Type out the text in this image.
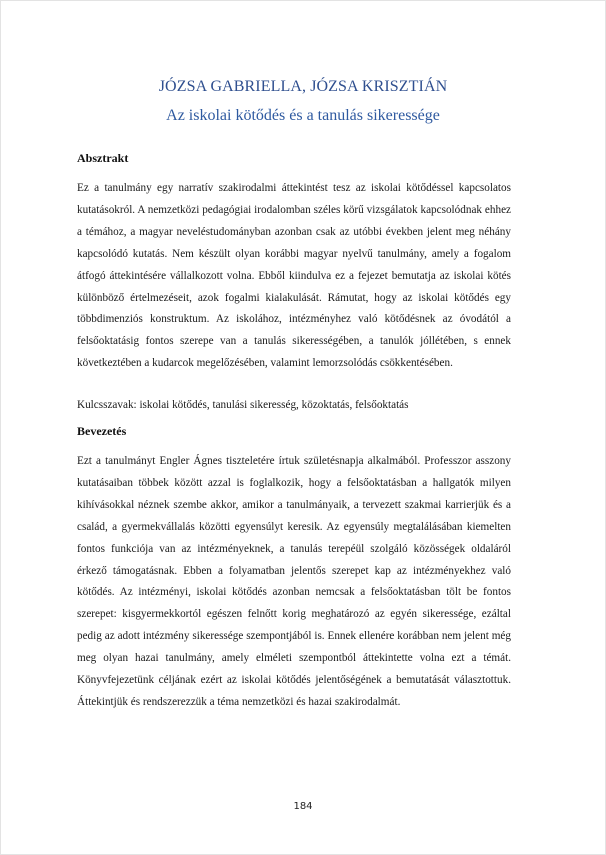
JÓZSA GABRIELLA, JÓZSA KRISZTIÁN
Az iskolai kötődés és a tanulás sikeressége
Absztrakt

Ez a tanulmány egy narratív szakirodalmi áttekintést tesz az iskolai kötődéssel kapcsolatos kutatásokról. A nemzetközi pedagógiai irodalomban széles körű vizsgálatok kapcsolódnak ehhez a témához, a magyar neveléstudományban azonban csak az utóbbi években jelent meg néhány kapcsolódó kutatás. Nem készült olyan korábbi magyar nyelvű tanulmány, amely a fogalom átfogó áttekintésére vállalkozott volna. Ebből kiindulva ez a fejezet bemutatja az iskolai kötés különböző értelmezéseit, azok fogalmi kialakulását. Rámutat, hogy az iskolai kötődés egy többdimenziós konstruktum. Az iskolához, intézményhez való kötődésnek az óvodától a felsőoktatásig fontos szerepe van a tanulás sikerességében, a tanulók jóllétében, s ennek következtében a kudarcok megelőzésében, valamint lemorzsolódás csökkentésében.

Kulcsszavak: iskolai kötődés, tanulási sikeresség, közoktatás, felsőoktatás
Bevezetés

Ezt a tanulmányt Engler Ágnes tiszteletére írtuk születésnapja alkalmából. Professzor asszony kutatásaiban többek között azzal is foglalkozik, hogy a felsőoktatásban a hallgatók milyen kihívásokkal néznek szembe akkor, amikor a tanulmányaik, a tervezett szakmai karrierjük és a család, a gyermekvállalás közötti egyensúlyt keresik. Az egyensúly megtalálásában kiemelten fontos funkciója van az intézményeknek, a tanulás terepéül szolgáló közösségek oldaláról érkező támogatásnak. Ebben a folyamatban jelentős szerepet kap az intézményekhez való kötődés. Az intézményi, iskolai kötődés azonban nemcsak a felsőoktatásban tölt be fontos szerepet: kisgyermekkortól egészen felnőtt korig meghatározó az egyén sikeressége, ezáltal pedig az adott intézmény sikeressége szempontjából is. Ennek ellenére korábban nem jelent még meg olyan hazai tanulmány, amely elméleti szempontból áttekintette volna ezt a témát. Könyvfejezetünk céljának ezért az iskolai kötődés jelentőségének a bemutatását választottuk. Áttekintjük és rendszerezzük a téma nemzetközi és hazai szakirodalmát.

184
